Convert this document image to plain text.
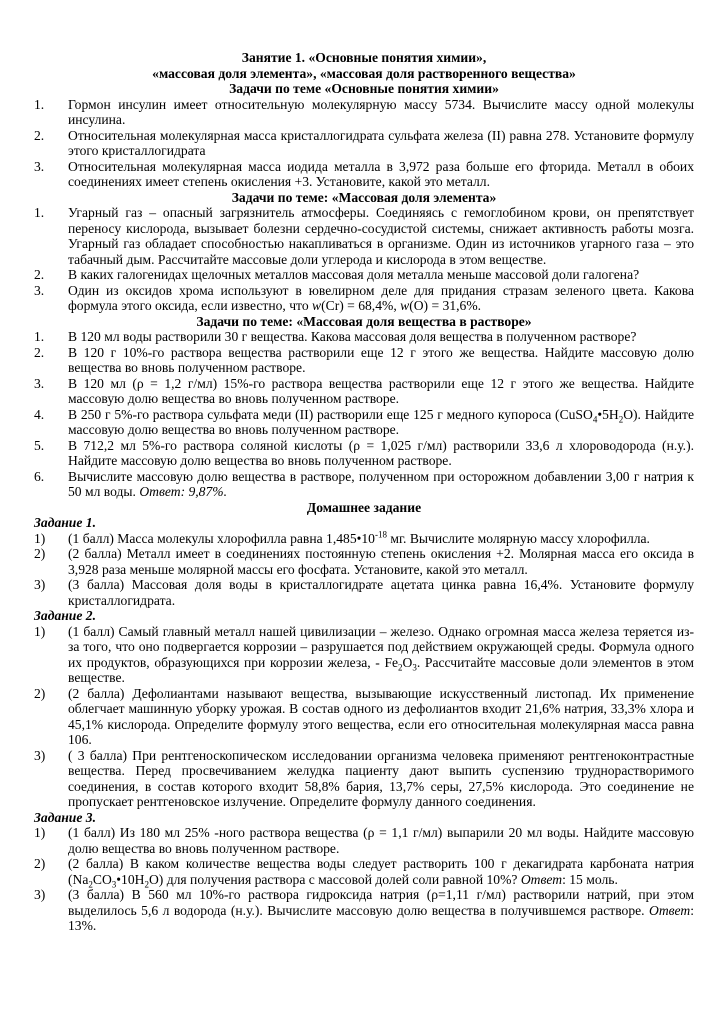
Занятие 1. «Основные понятия химии»,
«массовая доля элемента», «массовая доля растворенного вещества»
Задачи по теме «Основные понятия химии»
1.	Гормон инсулин имеет относительную молекулярную массу 5734. Вычислите массу одной молекулы инсулина.
2.	Относительная молекулярная масса кристаллогидрата сульфата железа (II) равна 278. Установите формулу этого кристаллогидрата
3.	Относительная молекулярная масса иодида металла в 3,972 раза больше его фторида. Металл в обоих соединениях имеет степень окисления +3. Установите, какой это металл.
Задачи по теме: «Массовая доля элемента»
1.	Угарный газ – опасный загрязнитель атмосферы. Соединяясь с гемоглобином крови, он препятствует переносу кислорода, вызывает болезни сердечно-сосудистой системы, снижает активность работы мозга. Угарный газ обладает способностью накапливаться в организме. Один из источников угарного газа – это табачный дым. Рассчитайте массовые доли углерода и кислорода в этом веществе.
2.	В каких галогенидах щелочных металлов массовая доля металла меньше массовой доли галогена?
3.	Один из оксидов хрома используют в ювелирном деле для придания стразам зеленого цвета. Какова формула этого оксида, если известно, что w(Cr) = 68,4%, w(O) = 31,6%.
Задачи по теме: «Массовая доля вещества в растворе»
1.	В 120 мл воды растворили 30 г вещества. Какова массовая доля вещества в полученном растворе?
2.	В 120 г 10%-го раствора вещества растворили еще 12 г этого же вещества. Найдите массовую долю вещества во вновь полученном растворе.
3.	В 120 мл (ρ = 1,2 г/мл) 15%-го раствора вещества растворили еще 12 г этого же вещества. Найдите массовую долю вещества во вновь полученном растворе.
4.	В 250 г 5%-го раствора сульфата меди (II) растворили еще 125 г медного купороса $(CuSO_4•5H_2O)$. Найдите массовую долю вещества во вновь полученном растворе.
5.	В 712,2 мл 5%-го раствора соляной кислоты (ρ = 1,025 г/мл) растворили 33,6 л хлороводорода (н.у.). Найдите массовую долю вещества во вновь полученном растворе.
6.	Вычислите массовую долю вещества в растворе, полученном при осторожном добавлении 3,00 г натрия к 50 мл воды. Ответ: 9,87%.
Домашнее задание
Задание 1.
1)	(1 балл) Масса молекулы хлорофилла равна $1,485•10^{-18}$ мг. Вычислите молярную массу хлорофилла.
2)	(2 балла) Металл имеет в соединениях постоянную степень окисления +2. Молярная масса его оксида в 3,928 раза меньше молярной массы его фосфата. Установите, какой это металл.
3)	(3 балла) Массовая доля воды в кристаллогидрате ацетата цинка равна 16,4%. Установите формулу кристаллогидрата.
Задание 2.
1)	(1 балл) Самый главный металл нашей цивилизации – железо. Однако огромная масса железа теряется из-за того, что оно подвергается коррозии – разрушается под действием окружающей среды. Формула одного их продуктов, образующихся при коррозии железа, - $Fe_2O_3$. Рассчитайте массовые доли элементов в этом веществе.
2)	(2 балла) Дефолиантами называют вещества, вызывающие искусственный листопад. Их применение облегчает машинную уборку урожая. В состав одного из дефолиантов входит 21,6% натрия, 33,3% хлора и 45,1% кислорода. Определите формулу этого вещества, если его относительная молекулярная масса равна 106.
3)	( 3 балла) При рентгеноскопическом исследовании организма человека применяют рентгеноконтрастные вещества. Перед просвечиванием желудка пациенту дают выпить суспензию труднорастворимого соединения, в состав которого входит 58,8% бария, 13,7% серы, 27,5% кислорода. Это соединение не пропускает рентгеновское излучение. Определите формулу данного соединения.
Задание 3.
1)	(1 балл) Из 180 мл 25% -ного раствора вещества (ρ = 1,1 г/мл) выпарили 20 мл воды. Найдите массовую долю вещества во вновь полученном растворе.
2)	(2 балла) В каком количестве вещества воды следует растворить 100 г декагидрата карбоната натрия $(Na_2CO_3•10H_2O)$ для получения раствора с массовой долей соли равной 10%? Ответ: 15 моль.
3)	(3 балла) В 560 мл 10%-го раствора гидроксида натрия (ρ=1,11 г/мл) растворили натрий, при этом выделилось 5,6 л водорода (н.у.). Вычислите массовую долю вещества в получившемся растворе. Ответ: 13%.
